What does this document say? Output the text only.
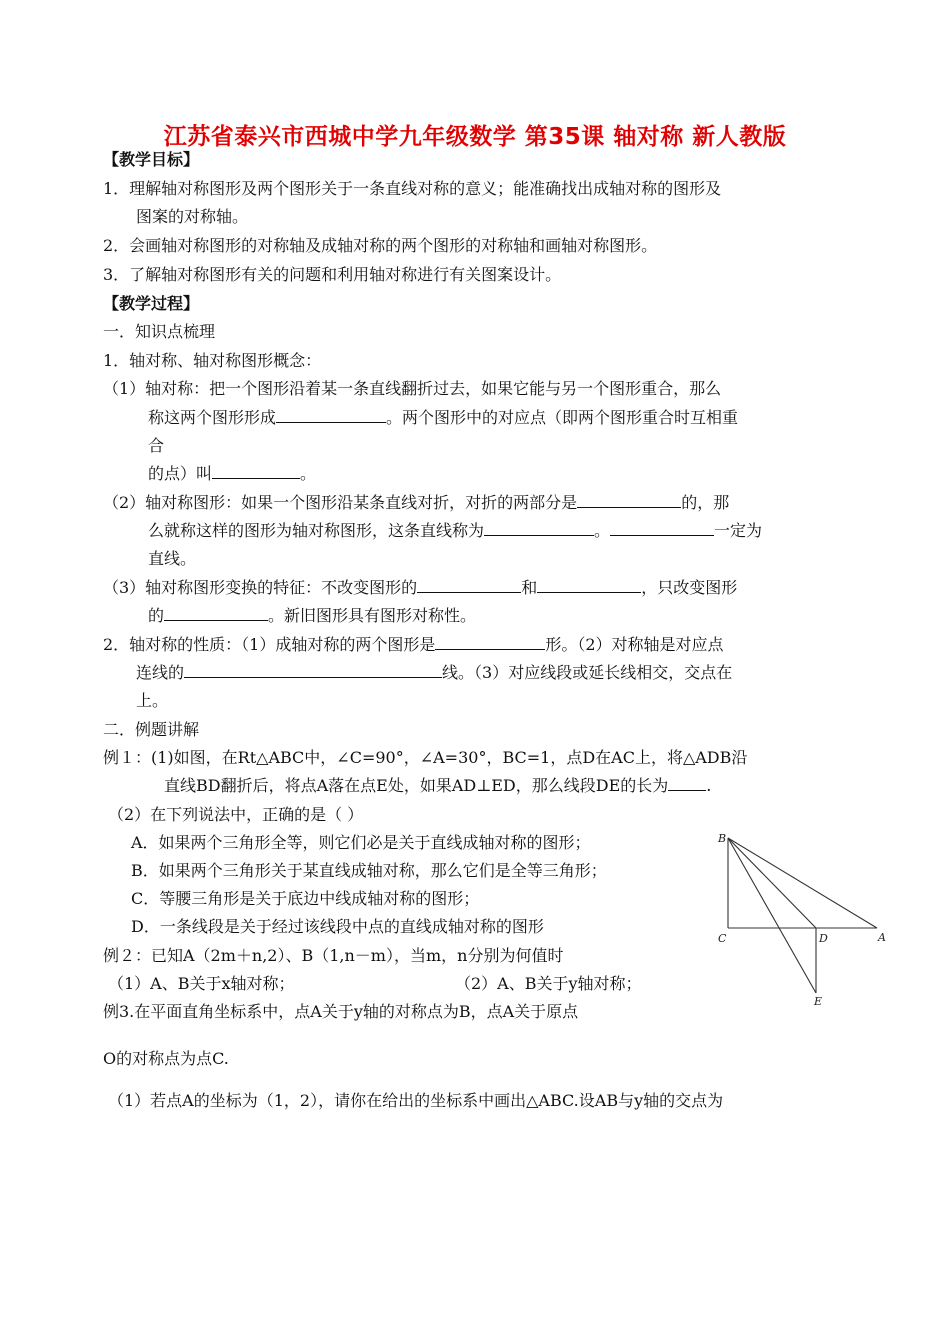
江苏省泰兴市西城中学九年级数学 第35课 轴对称 新人教版
【教学目标】
1．理解轴对称图形及两个图形关于一条直线对称的意义；能准确找出成轴对称的图形及
图案的对称轴。
2．会画轴对称图形的对称轴及成轴对称的两个图形的对称轴和画轴对称图形。
3．了解轴对称图形有关的问题和利用轴对称进行有关图案设计。
【教学过程】
一．知识点梳理
1．轴对称、轴对称图形概念：
（1）轴对称：把一个图形沿着某一条直线翻折过去，如果它能与另一个图形重合，那么
称这两个图形形成	。两个图形中的对应点（即两个图形重合时互相重
合
的点）叫	。
（2）轴对称图形：如果一个图形沿某条直线对折，对折的两部分是	的，那
么就称这样的图形为轴对称图形，这条直线称为	。	一定为
直线。
（3）轴对称图形变换的特征：不改变图形的	和	，只改变图形
的	。新旧图形具有图形对称性。
2．轴对称的性质：（1）成轴对称的两个图形是	形。（2）对称轴是对应点
连线的	线。（3）对应线段或延长线相交，交点在
上。
二．例题讲解
例１：(1)如图，在Rt△ABC中，∠C=90°，∠A=30°，BC=1，点D在AC上，将△ADB沿
直线BD翻折后，将点A落在点E处，如果AD⊥ED，那么线段DE的长为 .
（2）在下列说法中，正确的是（ ）
A．如果两个三角形全等，则它们必是关于直线成轴对称的图形；
B．如果两个三角形关于某直线成轴对称，那么它们是全等三角形；
C．等腰三角形是关于底边中线成轴对称的图形；
D．一条线段是关于经过该线段中点的直线成轴对称的图形
例２：已知A（2m＋n,2）、B（1,n－m），当m，n分别为何值时
（1）A、B关于x轴对称；	（2）A、B关于y轴对称；
例3.在平面直角坐标系中，点A关于y轴的对称点为B，点A关于原点
O的对称点为点C.
（1）若点A的坐标为（1，2），请你在给出的坐标系中画出△ABC.设AB与y轴的交点为
B
C	D	A
E
